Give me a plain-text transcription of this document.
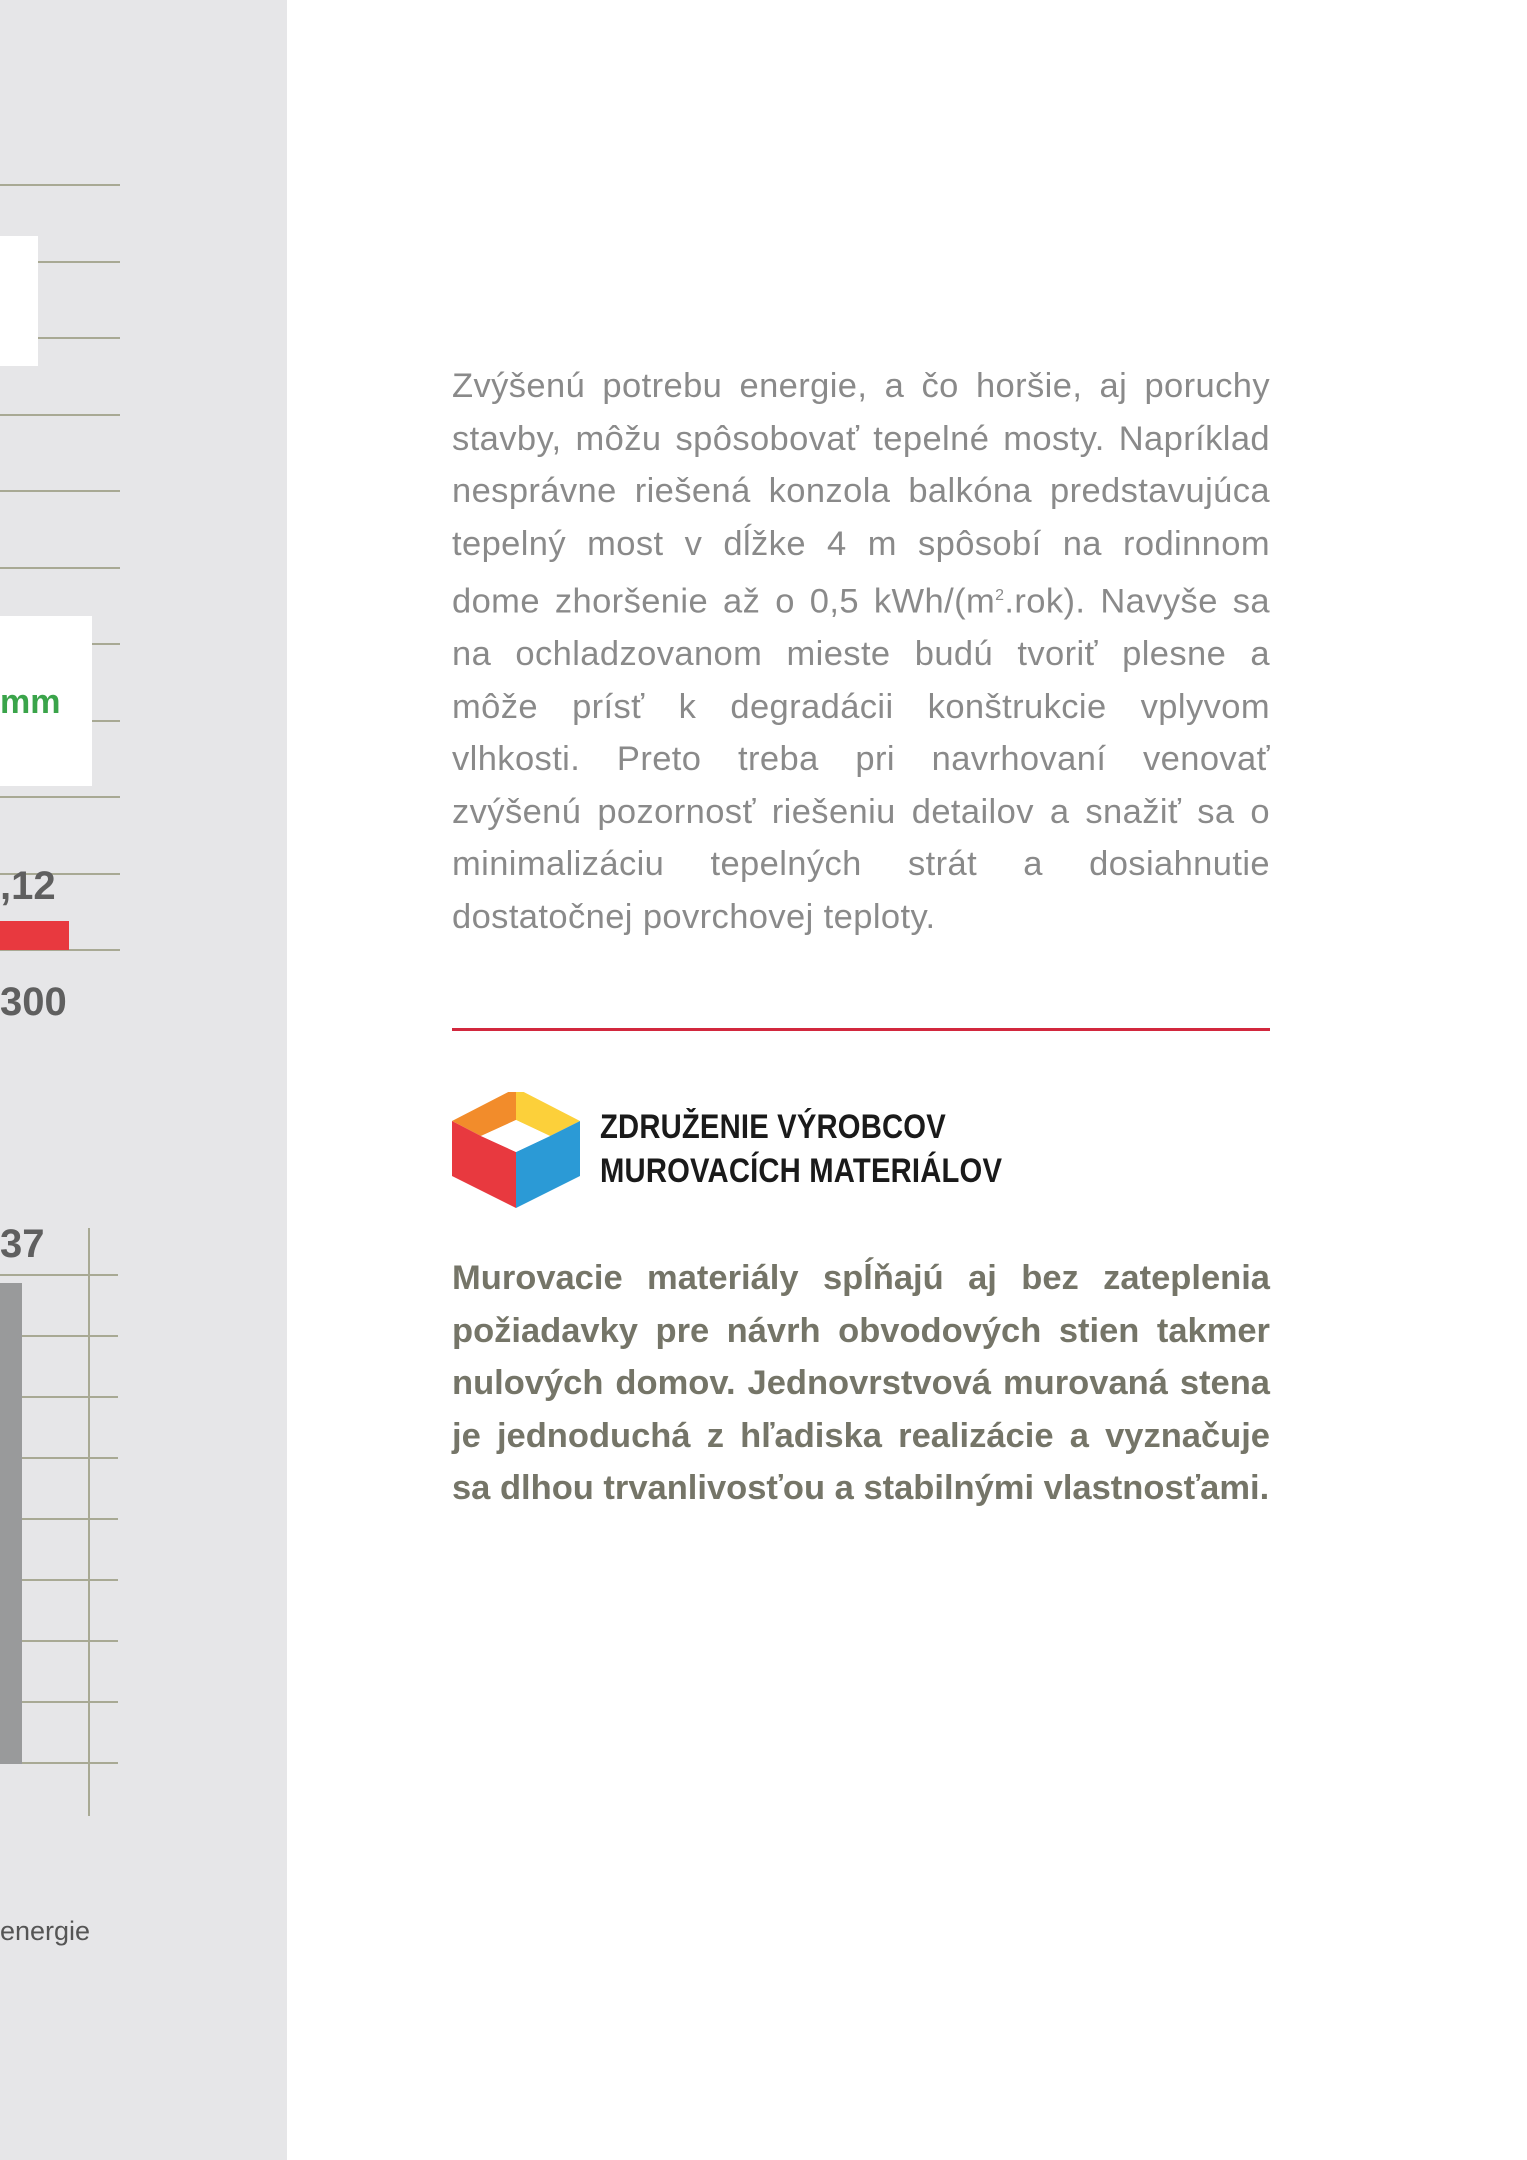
mm
,12
300
37
energie

Zvýšenú potrebu energie, a čo horšie, aj poruchy stavby, môžu spôsobovať tepelné mosty. Napríklad nesprávne riešená konzola balkóna predstavujúca tepelný most v dĺžke 4 m spôsobí na rodinnom dome zhoršenie až o 0,5 kWh/$(m^2.rok)$. Navyše sa na ochladzovanom mieste budú tvoriť plesne a môže prísť k degradácii konštrukcie vplyvom vlhkosti. Preto treba pri navrhovaní venovať zvýšenú pozornosť riešeniu detailov a snažiť sa o minimalizáciu tepelných strát a dosiahnutie dostatočnej povrchovej teploty.

ZDRUŽENIE VÝROBCOV
MUROVACÍCH MATERIÁLOV

Murovacie materiály spĺňajú aj bez zateplenia požiadavky pre návrh obvodových stien takmer nulových domov. Jednovrstvová murovaná stena je jednoduchá z hľadiska realizácie a vyznačuje sa dlhou trvanlivosťou a stabilnými vlastnosťami.
